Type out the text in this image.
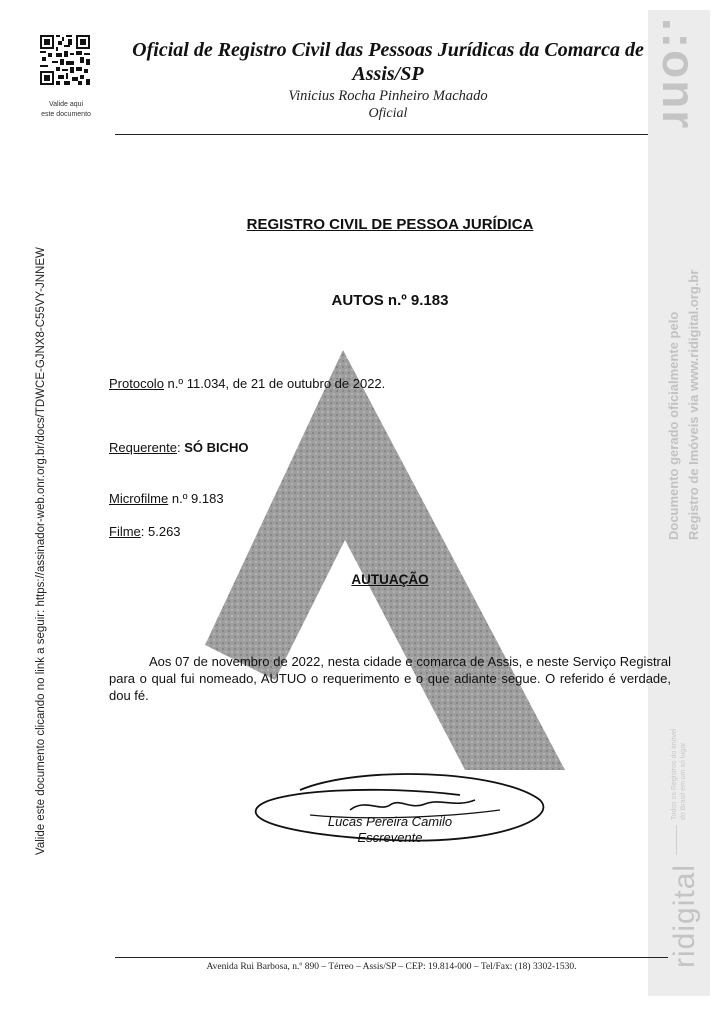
Valide aqui
este documento
Oficial de Registro Civil das Pessoas Jurídicas da Comarca de Assis/SP
Vinicius Rocha Pinheiro Machado
Oficial
Valide este documento clicando no link a seguir: https://assinador-web.onr.org.br/docs/TDWCE-GJNX8-C55VY-JNNEW
.:onr
Documento gerado oficialmente pelo Registro de Imóveis via www.ridigital.org.br
Todos os Registros do imóvel do Brasil em um só lugar
ridigital
REGISTRO CIVIL DE PESSOA JURÍDICA
AUTOS n.º 9.183
Protocolo n.º 11.034, de 21 de outubro de 2022.
Requerente: SÓ BICHO
Microfilme n.º 9.183
Filme: 5.263
AUTUAÇÃO
Aos 07 de novembro de 2022, nesta cidade e comarca de Assis, e neste Serviço Registral para o qual fui nomeado, AUTUO o requerimento e o que adiante segue. O referido é verdade, dou fé.
Lucas Pereira Camilo
Escrevente
Avenida Rui Barbosa, n.º 890 – Térreo – Assis/SP – CEP: 19.814-000 – Tel/Fax: (18) 3302-1530.
